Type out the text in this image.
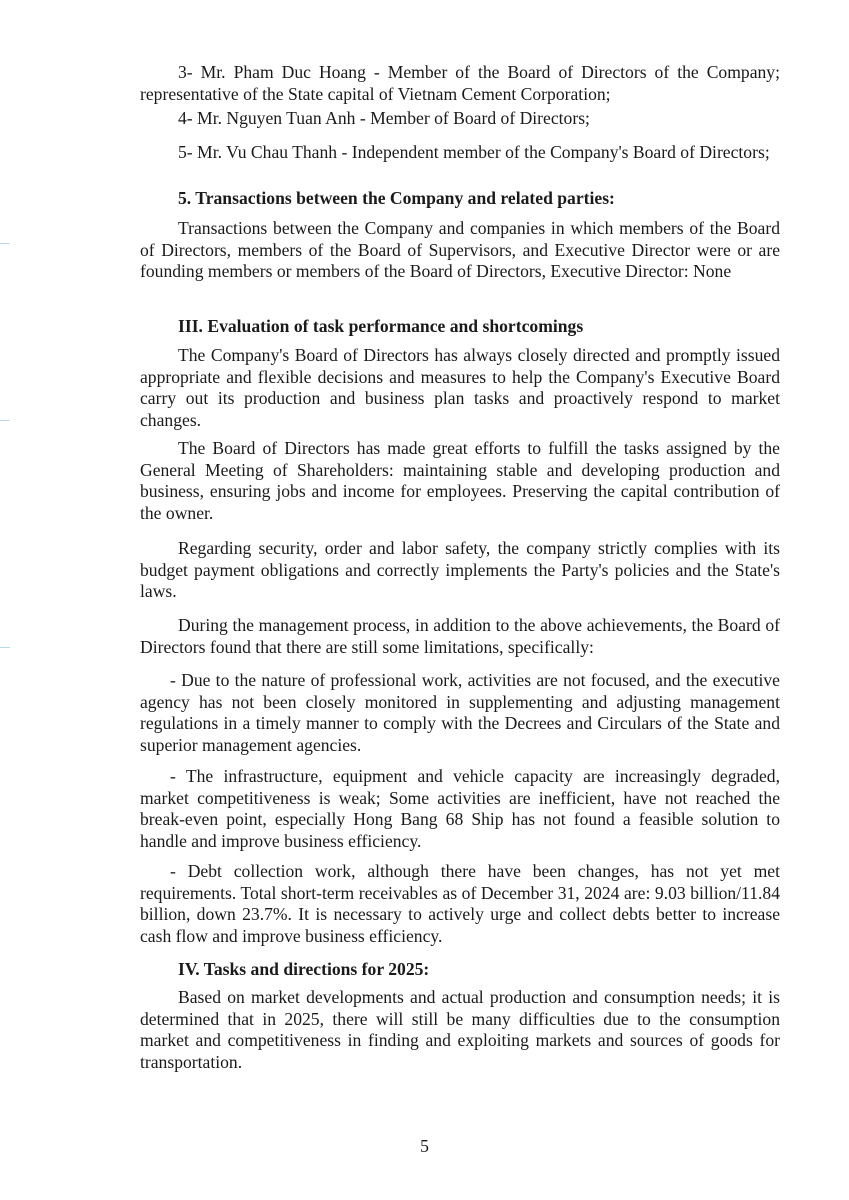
3- Mr. Pham Duc Hoang - Member of the Board of Directors of the Company; representative of the State capital of Vietnam Cement Corporation;

4- Mr. Nguyen Tuan Anh - Member of Board of Directors;

5- Mr. Vu Chau Thanh - Independent member of the Company's Board of Directors;

5. Transactions between the Company and related parties:

Transactions between the Company and companies in which members of the Board of Directors, members of the Board of Supervisors, and Executive Director were or are founding members or members of the Board of Directors, Executive Director: None

III. Evaluation of task performance and shortcomings

The Company's Board of Directors has always closely directed and promptly issued appropriate and flexible decisions and measures to help the Company's Executive Board carry out its production and business plan tasks and proactively respond to market changes.

The Board of Directors has made great efforts to fulfill the tasks assigned by the General Meeting of Shareholders: maintaining stable and developing production and business, ensuring jobs and income for employees. Preserving the capital contribution of the owner.

Regarding security, order and labor safety, the company strictly complies with its budget payment obligations and correctly implements the Party's policies and the State's laws.

During the management process, in addition to the above achievements, the Board of Directors found that there are still some limitations, specifically:

- Due to the nature of professional work, activities are not focused, and the executive agency has not been closely monitored in supplementing and adjusting management regulations in a timely manner to comply with the Decrees and Circulars of the State and superior management agencies.

- The infrastructure, equipment and vehicle capacity are increasingly degraded, market competitiveness is weak; Some activities are inefficient, have not reached the break-even point, especially Hong Bang 68 Ship has not found a feasible solution to handle and improve business efficiency.

- Debt collection work, although there have been changes, has not yet met requirements. Total short-term receivables as of December 31, 2024 are: 9.03 billion/11.84 billion, down 23.7%. It is necessary to actively urge and collect debts better to increase cash flow and improve business efficiency.

IV. Tasks and directions for 2025:

Based on market developments and actual production and consumption needs; it is determined that in 2025, there will still be many difficulties due to the consumption market and competitiveness in finding and exploiting markets and sources of goods for transportation.

5
